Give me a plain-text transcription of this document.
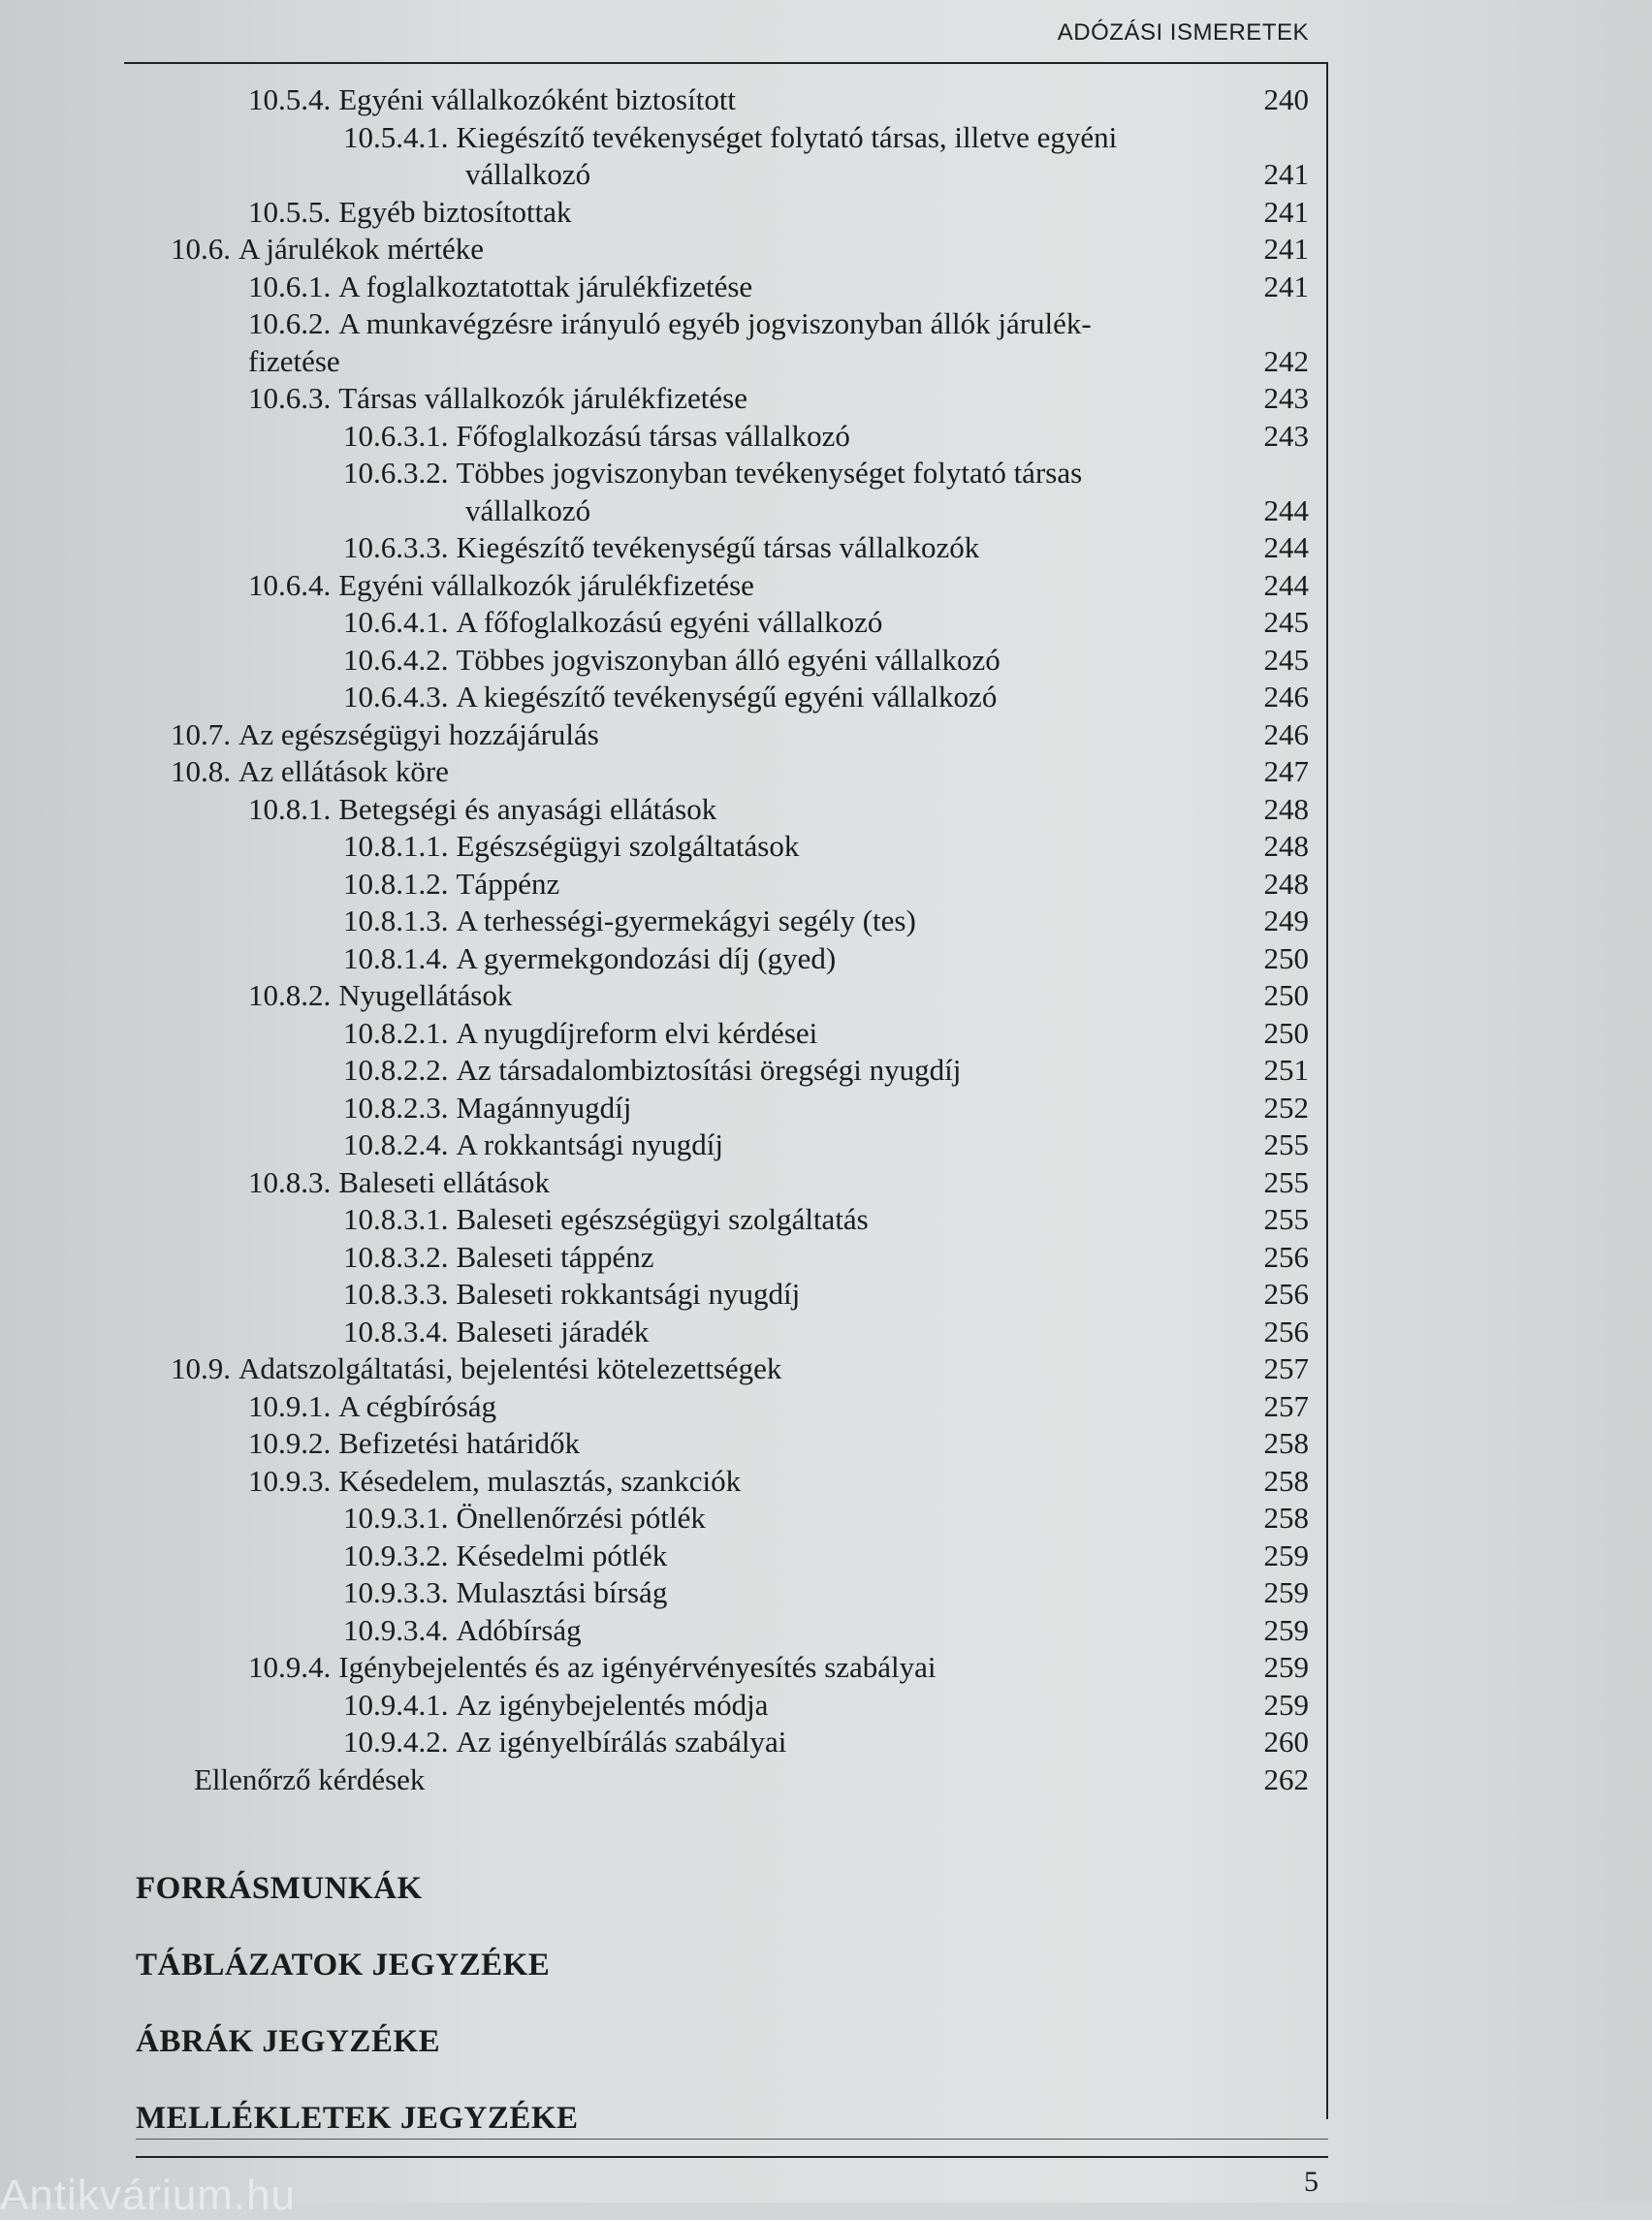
ADÓZÁSI ISMERETEK
10.5.4. Egyéni vállalkozóként biztosított	240
10.5.4.1. Kiegészítő tevékenységet folytató társas, illetve egyéni
vállalkozó	241
10.5.5. Egyéb biztosítottak	241
10.6. A járulékok mértéke	241
10.6.1. A foglalkoztatottak járulékfizetése	241
10.6.2. A munkavégzésre irányuló egyéb jogviszonyban állók járulék-
fizetése	242
10.6.3. Társas vállalkozók járulékfizetése	243
10.6.3.1. Főfoglalkozású társas vállalkozó	243
10.6.3.2. Többes jogviszonyban tevékenységet folytató társas
vállalkozó	244
10.6.3.3. Kiegészítő tevékenységű társas vállalkozók	244
10.6.4. Egyéni vállalkozók járulékfizetése	244
10.6.4.1. A főfoglalkozású egyéni vállalkozó	245
10.6.4.2. Többes jogviszonyban álló egyéni vállalkozó	245
10.6.4.3. A kiegészítő tevékenységű egyéni vállalkozó	246
10.7. Az egészségügyi hozzájárulás	246
10.8. Az ellátások köre	247
10.8.1. Betegségi és anyasági ellátások	248
10.8.1.1. Egészségügyi szolgáltatások	248
10.8.1.2. Táppénz	248
10.8.1.3. A terhességi-gyermekágyi segély (tes)	249
10.8.1.4. A gyermekgondozási díj (gyed)	250
10.8.2. Nyugellátások	250
10.8.2.1. A nyugdíjreform elvi kérdései	250
10.8.2.2. Az társadalombiztosítási öregségi nyugdíj	251
10.8.2.3. Magánnyugdíj	252
10.8.2.4. A rokkantsági nyugdíj	255
10.8.3. Baleseti ellátások	255
10.8.3.1. Baleseti egészségügyi szolgáltatás	255
10.8.3.2. Baleseti táppénz	256
10.8.3.3. Baleseti rokkantsági nyugdíj	256
10.8.3.4. Baleseti járadék	256
10.9. Adatszolgáltatási, bejelentési kötelezettségek	257
10.9.1. A cégbíróság	257
10.9.2. Befizetési határidők	258
10.9.3. Késedelem, mulasztás, szankciók	258
10.9.3.1. Önellenőrzési pótlék	258
10.9.3.2. Késedelmi pótlék	259
10.9.3.3. Mulasztási bírság	259
10.9.3.4. Adóbírság	259
10.9.4. Igénybejelentés és az igényérvényesítés szabályai	259
10.9.4.1. Az igénybejelentés módja	259
10.9.4.2. Az igényelbírálás szabályai	260
Ellenőrző kérdések	262
FORRÁSMUNKÁK
TÁBLÁZATOK JEGYZÉKE
ÁBRÁK JEGYZÉKE
MELLÉKLETEK JEGYZÉKE
5
Antikvárium.hu
